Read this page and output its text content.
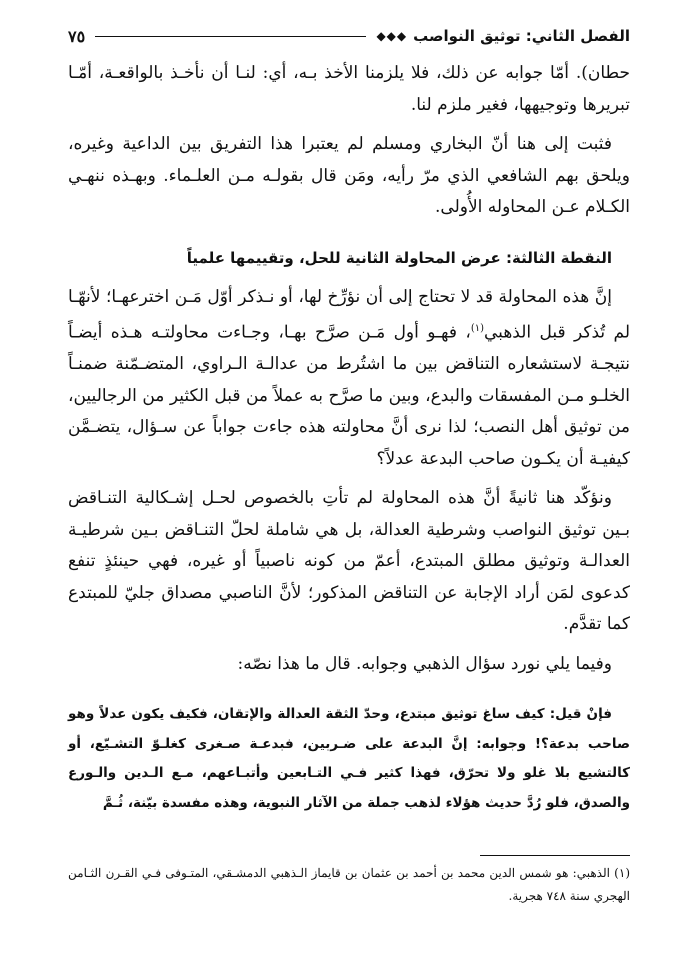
الفصل الثاني: توثيق النواصب
◆◆◆
٧٥

حطان). أمّا جوابه عن ذلك، فلا يلزمنا الأخذ بـه، أي: لنـا أن نأخـذ بالواقعـة، أمّـا تبريرها وتوجيهها، فغير ملزم لنا.

فثبت إلى هنا أنّ البخاري ومسلم لم يعتبرا هذا التفريق بين الداعية وغيره، ويلحق بهم الشافعي الذي مرّ رأيه، ومَن قال بقولـه مـن العلـماء. وبهـذه ننهـي الكـلام عـن المحاوله الأُولى.

النقطة الثالثة: عرض المحاولة الثانية للحل، وتقييمها علمياً

إنَّ هذه المحاولة قد لا تحتاج إلى أن نؤرِّخ لها، أو نـذكر أوّل مَـن اخترعهـا؛ لأنهّـا لم تُذكر قبل الذهبي$^{(١)}$، فهـو أول مَـن صرَّح بهـا، وجـاءت محاولتـه هـذه أيضـاً نتيجـة لاستشعاره التناقض بين ما اشتُرط من عدالـة الـراوي، المتضـمّنة ضمنـاً الخلـو مـن المفسقات والبدع، وبين ما صرَّح به عملاً من قبل الكثير من الرجاليين، من توثيق أهل النصب؛ لذا نرى أنَّ محاولته هذه جاءت جواباً عن سـؤال، يتضـمَّن كيفيـة أن يكـون صاحب البدعة عدلاً؟

ونؤكّد هنا ثانيةً أنَّ هذه المحاولة لم تأتِ بالخصوص لحـل إشـكالية التنـاقض بـين توثيق النواصب وشرطية العدالة، بل هي شاملة لحلّ التنـاقض بـين شرطيـة العدالـة وتوثيق مطلق المبتدع، أعمّ من كونه ناصبياً أو غيره، فهي حينئذٍ تنفع كدعوى لمَن أراد الإجابة عن التناقض المذكور؛ لأنَّ الناصبي مصداق جليّ للمبتدع كما تقدَّم.

وفيما يلي نورد سؤال الذهبي وجوابه. قال ما هذا نصّه:

فإنْ قيل: كيف ساغ توثيق مبتدع، وحدّ الثقة العدالة والإتقان، فكيف يكون عدلاً وهو صاحب بدعة؟! وجوابه: إنَّ البدعة على ضـربين، فبدعـة صـغرى كغلـوّ التشـيّع، أو كالتشيع بلا غلو ولا تحرّق، فهذا كثير فـي التـابعين وأتبـاعهم، مـع الـدين والـورع والصدق، فلو رُدَّ حديث هؤلاء لذهب جملة من الآثار النبوية، وهذه مفسدة بيّنة، ثُـمَّ
(١) الذهبي: هو شمس الدين محمد بن أحمد بن عثمان بن قايماز الـذهبي الدمشـقي، المتـوفى فـي القـرن الثـامن الهجري سنة ٧٤٨ هجرية.
